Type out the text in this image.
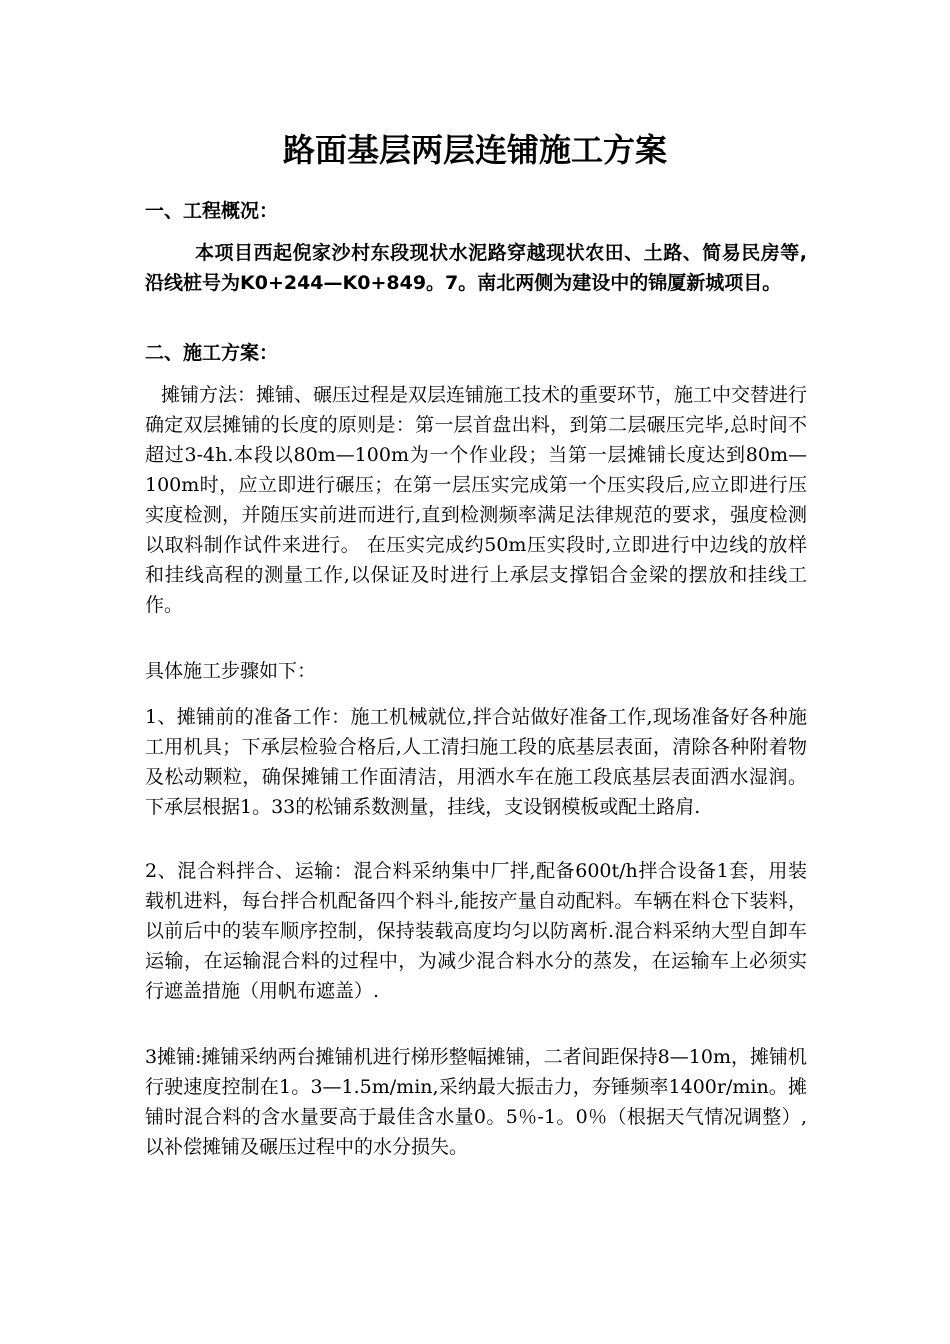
路面基层两层连铺施工方案

一、工程概况：

本项目西起倪家沙村东段现状水泥路穿越现状农田、土路、简易民房等,沿线桩号为K0+244—K0+849。7。南北两侧为建设中的锦厦新城项目。

二、施工方案：

摊铺方法：摊铺、碾压过程是双层连铺施工技术的重要环节，施工中交替进行确定双层摊铺的长度的原则是：第一层首盘出料，到第二层碾压完毕,总时间不超过3-4h.本段以80m—100m为一个作业段；当第一层摊铺长度达到80m—100m时，应立即进行碾压；在第一层压实完成第一个压实段后,应立即进行压实度检测，并随压实前进而进行,直到检测频率满足法律规范的要求，强度检测以取料制作试件来进行。 在压实完成约50m压实段时,立即进行中边线的放样和挂线高程的测量工作,以保证及时进行上承层支撑铝合金梁的摆放和挂线工作。

具体施工步骤如下：

1、摊铺前的准备工作：施工机械就位,拌合站做好准备工作,现场准备好各种施工用机具；下承层检验合格后,人工清扫施工段的底基层表面，清除各种附着物及松动颗粒，确保摊铺工作面清洁，用洒水车在施工段底基层表面洒水湿润。下承层根据1。33的松铺系数测量，挂线，支设钢模板或配土路肩.

2、混合料拌合、运输：混合料采纳集中厂拌,配备600t/h拌合设备1套，用装载机进料，每台拌合机配备四个料斗,能按产量自动配料。车辆在料仓下装料，以前后中的装车顺序控制，保持装载高度均匀以防离析.混合料采纳大型自卸车运输，在运输混合料的过程中，为减少混合料水分的蒸发，在运输车上必须实行遮盖措施（用帆布遮盖）.

3摊铺:摊铺采纳两台摊铺机进行梯形整幅摊铺，二者间距保持8—10m，摊铺机行驶速度控制在1。3—1.5m/min,采纳最大振击力，夯锤频率1400r/min。摊铺时混合料的含水量要高于最佳含水量0。5％-1。0％（根据天气情况调整）,以补偿摊铺及碾压过程中的水分损失。
